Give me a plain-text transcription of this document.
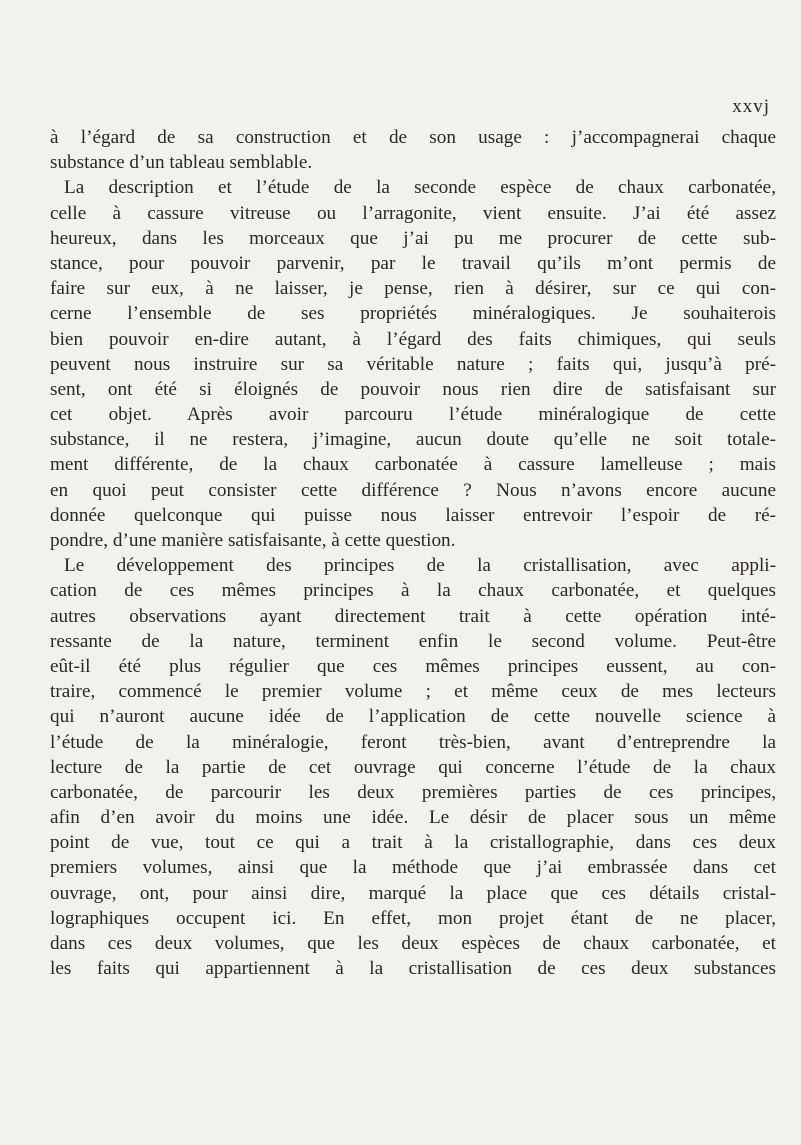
xxvj
à l’égard de sa construction et de son usage : j’accompagnerai chaque
substance d’un tableau semblable.
La description et l’étude de la seconde espèce de chaux carbonatée,
celle à cassure vitreuse ou l’arragonite, vient ensuite. J’ai été assez
heureux, dans les morceaux que j’ai pu me procurer de cette sub-
stance, pour pouvoir parvenir, par le travail qu’ils m’ont permis de
faire sur eux, à ne laisser, je pense, rien à désirer, sur ce qui con-
cerne l’ensemble de ses propriétés minéralogiques. Je souhaiterois
bien pouvoir en-dire autant, à l’égard des faits chimiques, qui seuls
peuvent nous instruire sur sa véritable nature ; faits qui, jusqu’à pré-
sent, ont été si éloignés de pouvoir nous rien dire de satisfaisant sur
cet objet. Après avoir parcouru l’étude minéralogique de cette
substance, il ne restera, j’imagine, aucun doute qu’elle ne soit totale-
ment différente, de la chaux carbonatée à cassure lamelleuse ; mais
en quoi peut consister cette différence ? Nous n’avons encore aucune
donnée quelconque qui puisse nous laisser entrevoir l’espoir de ré-
pondre, d’une manière satisfaisante, à cette question.
Le développement des principes de la cristallisation, avec appli-
cation de ces mêmes principes à la chaux carbonatée, et quelques
autres observations ayant directement trait à cette opération inté-
ressante de la nature, terminent enfin le second volume. Peut-être
eût-il été plus régulier que ces mêmes principes eussent, au con-
traire, commencé le premier volume ; et même ceux de mes lecteurs
qui n’auront aucune idée de l’application de cette nouvelle science à
l’étude de la minéralogie, feront très-bien, avant d’entreprendre la
lecture de la partie de cet ouvrage qui concerne l’étude de la chaux
carbonatée, de parcourir les deux premières parties de ces principes,
afin d’en avoir du moins une idée. Le désir de placer sous un même
point de vue, tout ce qui a trait à la cristallographie, dans ces deux
premiers volumes, ainsi que la méthode que j’ai embrassée dans cet
ouvrage, ont, pour ainsi dire, marqué la place que ces détails cristal-
lographiques occupent ici. En effet, mon projet étant de ne placer,
dans ces deux volumes, que les deux espèces de chaux carbonatée, et
les faits qui appartiennent à la cristallisation de ces deux substances
